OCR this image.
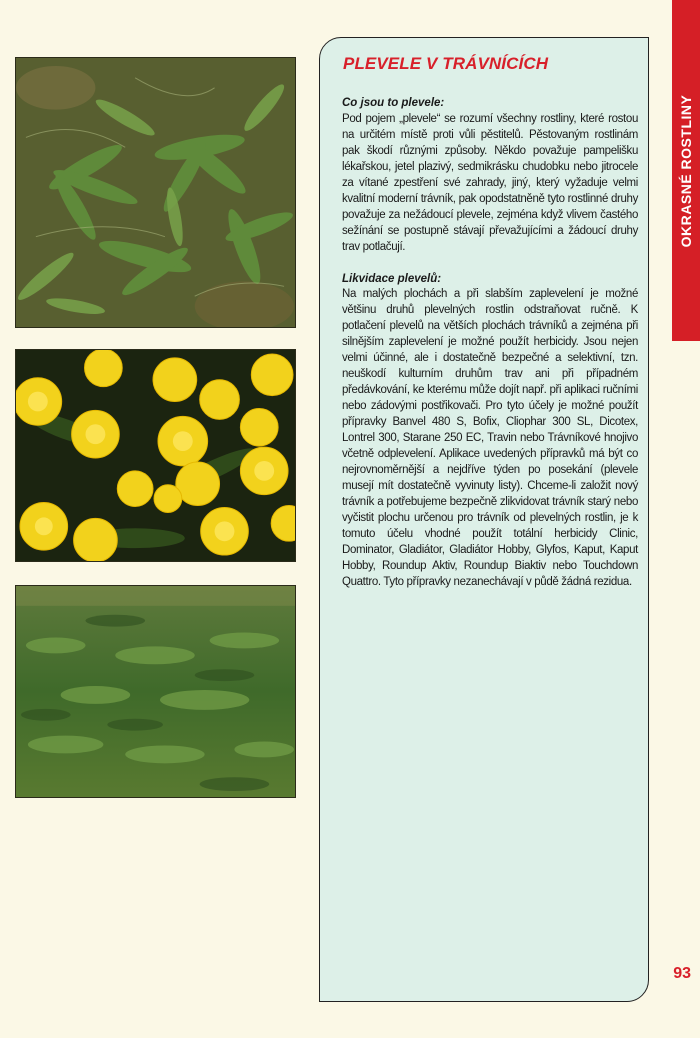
PLEVELE V TRÁVNÍCÍCH
Co jsou to plevele:

Pod pojem „plevele“ se rozumí všechny rostliny, které rostou na určitém místě proti vůli pěstitelů. Pěstovaným rostlinám pak škodí různými způsoby. Někdo považuje pampelišku lékařskou, jetel plazivý, sedmikrásku chudobku nebo jitrocele za vítané zpestření své zahrady, jiný, který vyžaduje velmi kvalitní moderní trávník, pak opodstatněně tyto rostlinné druhy považuje za nežádoucí plevele, zejména když vlivem častého sežínání se postupně stávají převažujícími a žádoucí druhy trav potlačují.

Likvidace plevelů:

Na malých plochách a při slabším zaplevelení je možné většinu druhů plevelných rostlin odstraňovat ručně. K potlačení plevelů na větších plochách trávníků a zejména při silnějším zaplevelení je možné použít herbicidy. Jsou nejen velmi účinné, ale i dostatečně bezpečné a selektivní, tzn. neuškodí kulturním druhům trav ani při případném předávkování, ke kterému může dojít např. při aplikaci ručními nebo zádovými postřikovači. Pro tyto účely je možné použít přípravky Banvel 480 S, Bofix, Cliophar 300 SL, Dicotex, Lontrel 300, Starane 250 EC, Travin nebo Trávníkové hnojivo včetně odplevelení. Aplikace uvedených přípravků má být co nejrovnoměrnější a nejdříve týden po posekání (plevele musejí mít dostatečně vyvinuty listy). Chceme-li založit nový trávník a potřebujeme bezpečně zlikvidovat trávník starý nebo vyčistit plochu určenou pro trávník od plevelných rostlin, je k tomuto účelu vhodné použít totální herbicidy Clinic, Dominator, Gladiátor, Gladiátor Hobby, Glyfos, Kaput, Kaput Hobby, Roundup Aktiv, Roundup Biaktiv nebo Touchdown Quattro. Tyto přípravky nezanechávají v půdě žádná rezidua.

OKRASNÉ ROSTLINY
93
